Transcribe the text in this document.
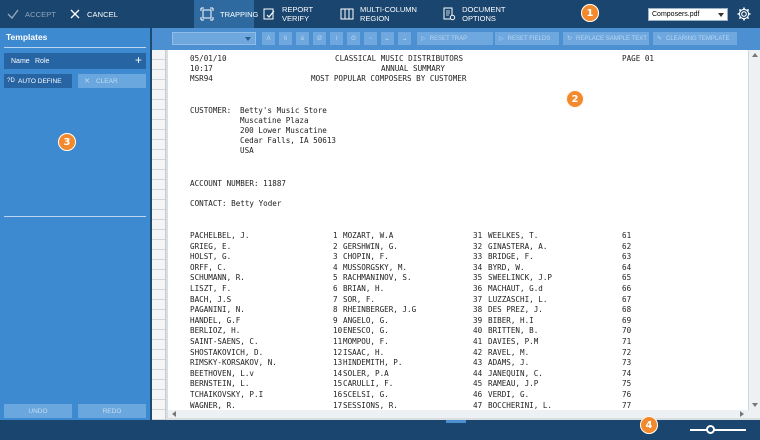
ACCEPT	CANCEL	TRAPPING	REPORT VERIFY
MULTI-COLUMN REGION
DOCUMENT OPTIONS	Composers.pdf
Templates
Name Role	+
?D AUTO DEFINE	✕ CLEAR
UNDO	REDO
A	6	&	Ø	I	Θ	~	←	→	▷ RESET TRAP	▷ RESET FIELDS	↻ REPLACE SAMPLE TEXT ✎ CLEARING TEMPLATE

05/01/10

	CLASSICAL MUSIC DISTRIBUTORS

	PAGE 01

10:17

	ANNUAL SUMMARY

MSR94

	MOST POPULAR COMPOSERS BY CUSTOMER

CUSTOMER:

Betty's Music Store

Muscatine Plaza
200 Lower Muscatine
Cedar Falls, IA 50613
USA
ACCOUNT NUMBER: 11887
CONTACT: Betty Yoder
PACHELBEL, J.	1 MOZART, W.A	31 WEELKES, T.	61
GRIEG, E.	2 GERSHWIN, G.	32 GINASTERA, A.	62
HOLST, G.	3 CHOPIN, F.	33 BRIDGE, F.	63
ORFF, C.	4 MUSSORGSKY, M.	34 BYRD, W.	64
SCHUMANN, R.	5 RACHMANINOV, S.	35 SWEELINCK, J.P	65
LISZT, F.	6 BRIAN, H.	36 MACHAUT, G.d	66
BACH, J.S	7 SOR, F.	37 LUZZASCHI, L.	67
PAGANINI, N.	8 RHEINBERGER, J.G	38 DES PREZ, J.	68
HANDEL, G.F	9 ANGELO, G.	39 BIBER, H.I	69
BERLIOZ, H.	10 ENESCO, G.	40 BRITTEN, B.	70
SAINT-SAENS, C.	11 MOMPOU, F.	41 DAVIES, P.M	71
SHOSTAKOVICH, D.	12 ISAAC, H.	42 RAVEL, M.	72
RIMSKY-KORSAKOV, N.	13 HINDEMITH, P.	43 ADAMS, J.	73
BEETHOVEN, L.v	14 SOLER, P.A	44 JANEQUIN, C.	74
BERNSTEIN, L.	15 CARULLI, F.	45 RAMEAU, J.P	75
TCHAIKOVSKY, P.I	16 SCELSI, G.	46 VERDI, G.	76
WAGNER, R.	17 SESSIONS, R.	47 BOCCHERINI, L.	77
1
2
3
4
